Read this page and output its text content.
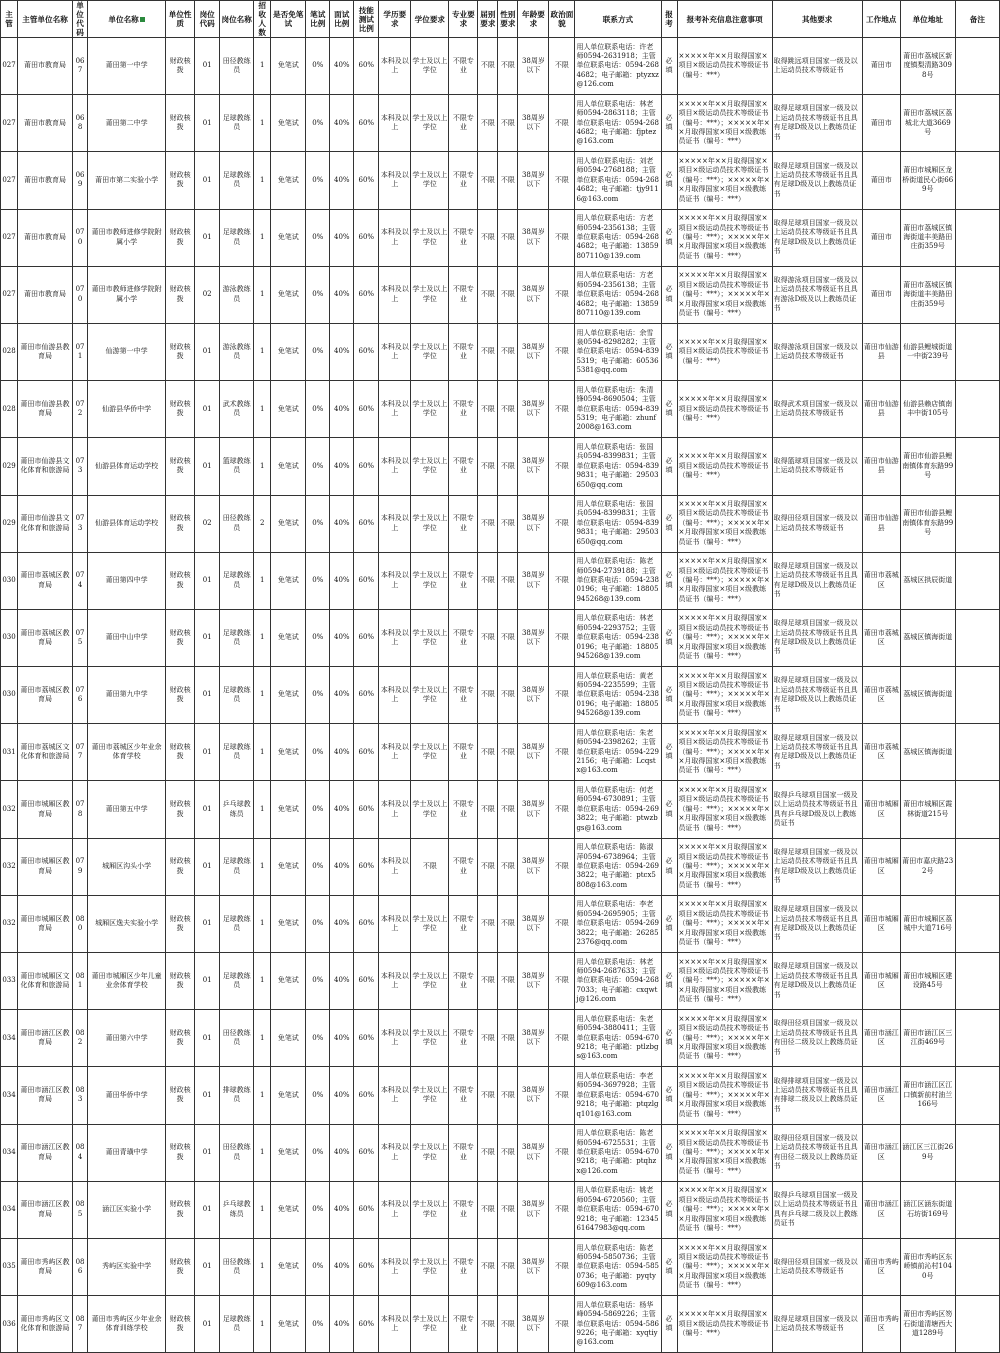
主管	主管单位名称	单位代码	单位名称	单位性质	岗位代码	岗位名称	招收人数	是否免笔试	笔试比例	面试比例	技能测试比例	学历要求	学位要求	专业要求	届别要求	性别要求	年龄要求	政治面貌	联系方式	报考	报考补充信息注意事项	其他要求	工作地点	单位地址	备注
027	莆田市教育局	067	莆田第一中学	财政核拨	01	田径教练员	1	免笔试	0%	40%	60%	本科及以上	学士及以上学位	不限专业	不限	不限	38周岁以下	不限	用人单位联系电话：许老师0594-2631918；主管单位联系电话：0594-2684682；电子邮箱：ptyzxz@126.com	必填	×××××年××月取得国家×项目×级运动员技术等级证书（编号：***）	取得跳远项目国家一级及以上运动员技术等级证书	莆田市	莆田市荔城区新度镇梨清路3098号	
027	莆田市教育局	068	莆田第二中学	财政核拨	01	足球教练员	1	免笔试	0%	40%	60%	本科及以上	学士及以上学位	不限专业	不限	不限	38周岁以下	不限	用人单位联系电话：林老师0594-2863118；主管单位联系电话：0594-2684682；电子邮箱：fjptez@163.com	必填	×××××年××月取得国家×项目×级运动员技术等级证书（编号：***）；×××××年××月取得国家×项目×级教练员证书（编号：***）	取得足球项目国家一级及以上运动员技术等级证书且具有足球D级及以上教练员证书	莆田市	莆田市荔城区荔城北大道3669号	
027	莆田市教育局	069	莆田市第二实验小学	财政核拨	01	足球教练员	1	免笔试	0%	40%	60%	本科及以上	学士及以上学位	不限专业	不限	不限	38周岁以下	不限	用人单位联系电话：刘老师0594-2768188；主管单位联系电话：0594-2684682；电子邮箱：tjy9116@163.com	必填	×××××年××月取得国家×项目×级运动员技术等级证书（编号：***）；×××××年××月取得国家×项目×级教练员证书（编号：***）	取得足球项目国家一级及以上运动员技术等级证书且具有足球D级及以上教练员证书	莆田市	莆田市城厢区龙桥街道民心街669号	
027	莆田市教育局	070	莆田市教师进修学院附属小学	财政核拨	01	足球教练员	1	免笔试	0%	40%	60%	本科及以上	学士及以上学位	不限专业	不限	不限	38周岁以下	不限	用人单位联系电话：方老师0594-2356138；主管单位联系电话：0594-2684682；电子邮箱：13859807110@139.com	必填	×××××年××月取得国家×项目×级运动员技术等级证书（编号：***）；×××××年××月取得国家×项目×级教练员证书（编号：***）	取得足球项目国家一级及以上运动员技术等级证书且具有足球D级及以上教练员证书	莆田市	莆田市荔城区镇海街道丰美路田庄街359号	
027	莆田市教育局	070	莆田市教师进修学院附属小学	财政核拨	02	游泳教练员	1	免笔试	0%	40%	60%	本科及以上	学士及以上学位	不限专业	不限	不限	38周岁以下	不限	用人单位联系电话：方老师0594-2356138；主管单位联系电话：0594-2684682；电子邮箱：13859807110@139.com	必填	×××××年××月取得国家×项目×级运动员技术等级证书（编号：***）；×××××年××月取得国家×项目×级教练员证书（编号：***）	取得游泳项目国家一级及以上运动员技术等级证书且具有游泳D级及以上教练员证书	莆田市	莆田市荔城区镇海街道丰美路田庄街359号	
028	莆田市仙游县教育局	071	仙游第一中学	财政核拨	01	游泳教练员	1	免笔试	0%	40%	60%	本科及以上	学士及以上学位	不限专业	不限	不限	38周岁以下	不限	用人单位联系电话：余雪泉0594-8298282；主管单位联系电话：0594-8395319；电子邮箱：605365381@qq.com	必填	×××××年××月取得国家×项目×级运动员技术等级证书（编号：***）	取得游泳项目国家一级及以上运动员技术等级证书	莆田市仙游县	仙游县鲤城街道一中街239号	
028	莆田市仙游县教育局	072	仙游县华侨中学	财政核拨	01	武术教练员	1	免笔试	0%	40%	60%	本科及以上	学士及以上学位	不限专业	不限	不限	38周岁以下	不限	用人单位联系电话：朱清锋0594-8690504；主管单位联系电话：0594-8395319；电子邮箱：zhunf2008@163.com	必填	×××××年××月取得国家×项目×级运动员技术等级证书（编号：***）	取得武术项目国家一级及以上运动员技术等级证书	莆田市仙游县	仙游县赖店镇南丰中街105号	
029	莆田市仙游县文化体育和旅游局	073	仙游县体育运动学校	财政核拨	01	篮球教练员	1	免笔试	0%	40%	60%	本科及以上	学士及以上学位	不限专业	不限	不限	38周岁以下	不限	用人单位联系电话：张国兵0594-8399831；主管单位联系电话：0594-8399831；电子邮箱：29503650@qq.com	必填	×××××年××月取得国家×项目×级运动员技术等级证书（编号：***）	取得篮球项目国家一级及以上运动员技术等级证书	莆田市仙游县	莆田市仙游县鲤南镇体育东路99号	
029	莆田市仙游县文化体育和旅游局	073	仙游县体育运动学校	财政核拨	02	田径教练员	2	免笔试	0%	40%	60%	本科及以上	学士及以上学位	不限专业	不限	不限	38周岁以下	不限	用人单位联系电话：张国兵0594-8399831；主管单位联系电话：0594-8399831；电子邮箱：29503650@qq.com	必填	×××××年××月取得国家×项目×级运动员技术等级证书（编号：***）；×××××年××月取得国家×项目×级教练员证书（编号：***）	取得田径项目国家一级及以上运动员技术等级证书	莆田市仙游县	莆田市仙游县鲤南镇体育东路99号	
030	莆田市荔城区教育局	074	莆田第四中学	财政核拨	01	足球教练员	1	免笔试	0%	40%	60%	本科及以上	学士及以上学位	不限专业	不限	不限	38周岁以下	不限	用人单位联系电话：陈老师0594-2739188；主管单位联系电话：0594-2380196；电子邮箱：18805945268@139.com	必填	×××××年××月取得国家×项目×级运动员技术等级证书（编号：***）；×××××年××月取得国家×项目×级教练员证书（编号：***）	取得足球项目国家一级及以上运动员技术等级证书且具有足球D级及以上教练员证书	莆田市荔城区	荔城区拱辰街道	
030	莆田市荔城区教育局	075	莆田中山中学	财政核拨	01	足球教练员	1	免笔试	0%	40%	60%	本科及以上	学士及以上学位	不限专业	不限	不限	38周岁以下	不限	用人单位联系电话：林老师0594-2293752；主管单位联系电话：0594-2380196；电子邮箱：18805945268@139.com	必填	×××××年××月取得国家×项目×级运动员技术等级证书（编号：***）；×××××年××月取得国家×项目×级教练员证书（编号：***）	取得足球项目国家一级及以上运动员技术等级证书且具有足球D级及以上教练员证书	莆田市荔城区	荔城区镇海街道	
030	莆田市荔城区教育局	076	莆田第九中学	财政核拨	01	足球教练员	1	免笔试	0%	40%	60%	本科及以上	学士及以上学位	不限专业	不限	不限	38周岁以下	不限	用人单位联系电话：黄老师0594-2235599；主管单位联系电话：0594-2380196；电子邮箱：18805945268@139.com	必填	×××××年××月取得国家×项目×级运动员技术等级证书（编号：***）；×××××年××月取得国家×项目×级教练员证书（编号：***）	取得足球项目国家一级及以上运动员技术等级证书且具有足球D级及以上教练员证书	莆田市荔城区	荔城区镇海街道	
031	莆田市荔城区文化体育和旅游局	077	莆田市荔城区少年业余体育学校	财政核拨	01	足球教练员	1	免笔试	0%	40%	60%	本科及以上	学士及以上学位	不限专业	不限	不限	38周岁以下	不限	用人单位联系电话：朱老师0594-2398262；主管单位联系电话：0594-2292156；电子邮箱：Lcqstx@163.com	必填	×××××年××月取得国家×项目×级运动员技术等级证书（编号：***）；×××××年××月取得国家×项目×级教练员证书（编号：***）	取得足球项目国家一级及以上运动员技术等级证书且具有足球D级及以上教练员证书	莆田市荔城区	荔城区镇海街道	
032	莆田市城厢区教育局	078	莆田第五中学	财政核拨	01	乒乓球教练员	1	免笔试	0%	40%	60%	本科及以上	学士及以上学位	不限专业	不限	不限	38周岁以下	不限	用人单位联系电话：何老师0594-6730891；主管单位联系电话：0594-2693822；电子邮箱：ptwzbgs@163.com	必填	×××××年××月取得国家×项目×级运动员技术等级证书（编号：***）；×××××年××月取得国家×项目×级教练员证书（编号：***）	取得乒乓球项目国家一级及以上运动员技术等级证书且具有乒乓球D级及以上教练员证书	莆田市城厢区	莆田市城厢区霞林街道215号	
032	莆田市城厢区教育局	079	城厢区沟头小学	财政核拨	01	足球教练员	1	免笔试	0%	40%	60%	本科及以上	不限	不限专业	不限	不限	38周岁以下	不限	用人单位联系电话：陈淑萍0594-6738964；主管单位联系电话：0594-2693822；电子邮箱：ptcx5808@163.com	必填	×××××年××月取得国家×项目×级运动员技术等级证书（编号：***）；×××××年××月取得国家×项目×级教练员证书（编号：***）	取得足球项目国家一级及以上运动员技术等级证书且具有足球D级及以上教练员证书	莆田市城厢区	莆田市嘉庆路232号	
032	莆田市城厢区教育局	080	城厢区逸夫实验小学	财政核拨	01	足球教练员	1	免笔试	0%	40%	60%	本科及以上	学士及以上学位	不限专业	不限	不限	38周岁以下	不限	用人单位联系电话：李老师0594-2695905；主管单位联系电话：0594-2693822；电子邮箱：262852376@qq.com	必填	×××××年××月取得国家×项目×级运动员技术等级证书（编号：***）；×××××年××月取得国家×项目×级教练员证书（编号：***）	取得足球项目国家一级及以上运动员技术等级证书且具有足球D级及以上教练员证书	莆田市城厢区	莆田市城厢区荔城中大道716号	
033	莆田市城厢区文化体育和旅游局	081	莆田市城厢区少年儿童业余体育学校	财政核拨	01	足球教练员	1	免笔试	0%	40%	60%	本科及以上	学士及以上学位	不限专业	不限	不限	38周岁以下	不限	用人单位联系电话：林老师0594-2687633；主管单位联系电话：0594-2687033；电子邮箱：cxqwtj@126.com	必填	×××××年××月取得国家×项目×级运动员技术等级证书（编号：***）；×××××年××月取得国家×项目×级教练员证书（编号：***）	取得足球项目国家一级及以上运动员技术等级证书且具有足球D级及以上教练员证书	莆田市城厢区	莆田市城厢区建设路45号	
034	莆田市涵江区教育局	082	莆田第六中学	财政核拨	01	田径教练员	1	免笔试	0%	40%	60%	本科及以上	学士及以上学位	不限专业	不限	不限	38周岁以下	不限	用人单位联系电话：朱老师0594-3880411；主管单位联系电话：0594-6709218；电子邮箱：ptlzbgs@163.com	必填	×××××年××月取得国家×项目×级运动员技术等级证书（编号：***）；×××××年××月取得国家×项目×级教练员证书（编号：***）	取得田径项目国家一级及以上运动员技术等级证书且具有田径二级及以上教练员证书	莆田市涵江区	莆田市涵江区三江街469号	
034	莆田市涵江区教育局	083	莆田华侨中学	财政核拨	01	排球教练员	1	免笔试	0%	40%	60%	本科及以上	学士及以上学位	不限专业	不限	不限	38周岁以下	不限	用人单位联系电话：李老师0594-3697928；主管单位联系电话：0594-6709218；电子邮箱：ptqzlgq101@163.com	必填	×××××年××月取得国家×项目×级运动员技术等级证书（编号：***）；×××××年××月取得国家×项目×级教练员证书（编号：***）	取得排球项目国家一级及以上运动员技术等级证书且具有排球二级及以上教练员证书	莆田市涵江区	莆田市涵江区江口镇新前村油兰166号	
034	莆田市涵江区教育局	084	莆田青璜中学	财政核拨	01	田径教练员	1	免笔试	0%	40%	60%	本科及以上	学士及以上学位	不限专业	不限	不限	38周岁以下	不限	用人单位联系电话：陈老师0594-6725531；主管单位联系电话：0594-6709218；电子邮箱：ptqhzx@126.com	必填	×××××年××月取得国家×项目×级运动员技术等级证书（编号：***）；×××××年××月取得国家×项目×级教练员证书（编号：***）	取得田径项目国家一级及以上运动员技术等级证书且具有田径二级及以上教练员证书	莆田市涵江区	涵江区三江街269号	
034	莆田市涵江区教育局	085	涵江区实验小学	财政核拨	01	乒乓球教练员	1	免笔试	0%	40%	60%	本科及以上	学士及以上学位	不限专业	不限	不限	38周岁以下	不限	用人单位联系电话：姚老师0594-6720560；主管单位联系电话：0594-6709218；电子邮箱：1234561647983@qq.com	必填	×××××年××月取得国家×项目×级运动员技术等级证书（编号：***）；×××××年××月取得国家×项目×级教练员证书（编号：***）	取得乒乓球项目国家一级及以上运动员技术等级证书且具有乒乓球二级及以上教练员证书	莆田市涵江区	涵江区涵东街道石坊街169号	
035	莆田市秀屿区教育局	086	秀屿区实验中学	财政核拨	01	田径教练员	1	免笔试	0%	40%	60%	本科及以上	学士及以上学位	不限专业	不限	不限	38周岁以下	不限	用人单位联系电话：陈老师0594-5850736；主管单位联系电话：0594-5850736；电子邮箱：pyqty609@163.com	必填	×××××年××月取得国家×项目×级运动员技术等级证书（编号：***）；×××××年××月取得国家×项目×级教练员证书（编号：***）	取得田径项目国家一级及以上运动员技术等级证书	莆田市秀屿区	莆田市秀屿区东峤镇前沁村1040号	
036	莆田市秀屿区文化体育和旅游局	087	莆田市秀屿区少年业余体育训练学校	财政核拨	01	足球教练员	1	免笔试	0%	40%	60%	本科及以上	学士及以上学位	不限专业	不限	不限	38周岁以下	不限	用人单位联系电话：杨华峰0594-5869226；主管单位联系电话：0594-5869226；电子邮箱：xyqtiy@163.com	必填	×××××年××月取得国家×项目×级运动员技术等级证书（编号：***）	取得足球项目国家一级及以上运动员技术等级证书	莆田市秀屿区	莆田市秀屿区笏石街道清塘西大道1289号	
